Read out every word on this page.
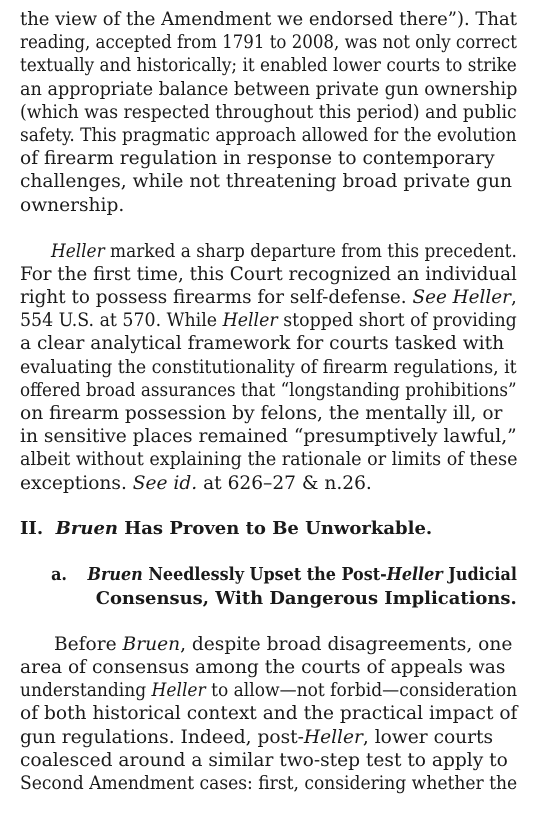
the view of the Amendment we endorsed there”). That
reading, accepted from 1791 to 2008, was not only correct
textually and historically; it enabled lower courts to strike
an appropriate balance between private gun ownership
(which was respected throughout this period) and public
safety. This pragmatic approach allowed for the evolution
of firearm regulation in response to contemporary
challenges, while not threatening broad private gun
ownership.
Heller marked a sharp departure from this precedent.
For the first time, this Court recognized an individual
right to possess firearms for self-defense. See Heller,
554 U.S. at 570. While Heller stopped short of providing
a clear analytical framework for courts tasked with
evaluating the constitutionality of firearm regulations, it
offered broad assurances that “longstanding prohibitions”
on firearm possession by felons, the mentally ill, or
in sensitive places remained “presumptively lawful,”
albeit without explaining the rationale or limits of these
exceptions. See id. at 626–27 & n.26.
II. Bruen Has Proven to Be Unworkable.
a. Bruen Needlessly Upset the Post-Heller Judicial
Consensus, With Dangerous Implications.
Before Bruen, despite broad disagreements, one
area of consensus among the courts of appeals was
understanding Heller to allow—not forbid—consideration
of both historical context and the practical impact of
gun regulations. Indeed, post-Heller, lower courts
coalesced around a similar two-step test to apply to
Second Amendment cases: first, considering whether the
